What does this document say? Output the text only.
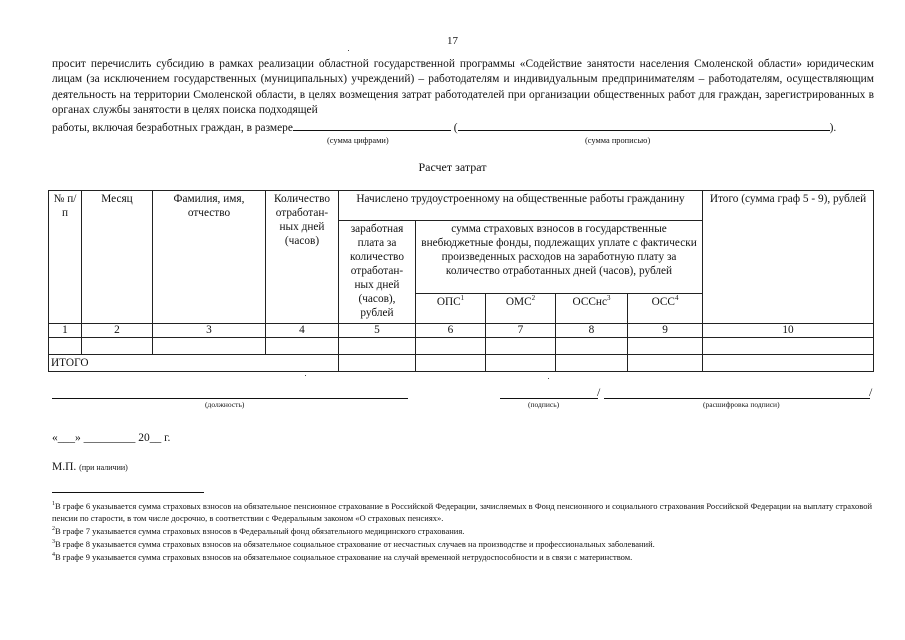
17
просит перечислить субсидию в рамках реализации областной государственной программы «Содействие занятости населения Смоленской области» юридическим лицам (за исключением государственных (муниципальных) учреждений) – работодателям и индивидуальным предпринимателям – работодателям, осуществляющим деятельность на территории Смоленской области, в целях возмещения затрат работодателей при организации общественных работ для граждан, зарегистрированных в органах службы занятости в целях поиска подходящей
работы, включая безработных граждан, в размере	(	).
(сумма цифрами)	(сумма прописью)
Расчет затрат
№ п/п	Месяц	Фамилия, имя, отчество	Количество отработан- ных дней (часов)	Начислено трудоустроенному на общественные работы гражданину					Итого (сумма граф 5 - 9), рублей
				заработная плата за количество отработан- ных дней (часов), рублей	сумма страховых взносов в государственные внебюджетные фонды, подлежащих уплате с фактически произведенных расходов на заработную плату за количество отработанных дней (часов), рублей				
					ОПС$^1$	ОМС$^2$	ОССнс$^3$	ОСС$^4$
1	2	3	4	5	6	7	8	9	10

ИТОГО									
/	/
(должность)	(подпись)	(расшифровка подписи)
«___» _________ 20__ г.
М.П. (при наличии)
$^1$В графе 6 указывается сумма страховых взносов на обязательное пенсионное страхование в Российской Федерации, зачисляемых в Фонд пенсионного и социального страхования Российской Федерации на выплату страховой пенсии по старости, в том числе досрочно, в соответствии с Федеральным законом «О страховых пенсиях».
$^2$В графе 7 указывается сумма страховых взносов в Федеральный фонд обязательного медицинского страхования.
$^3$В графе 8 указывается сумма страховых взносов на обязательное социальное страхование от несчастных случаев на производстве и профессиональных заболеваний.
$^4$В графе 9 указывается сумма страховых взносов на обязательное социальное страхование на случай временной нетрудоспособности и в связи с материнством.
